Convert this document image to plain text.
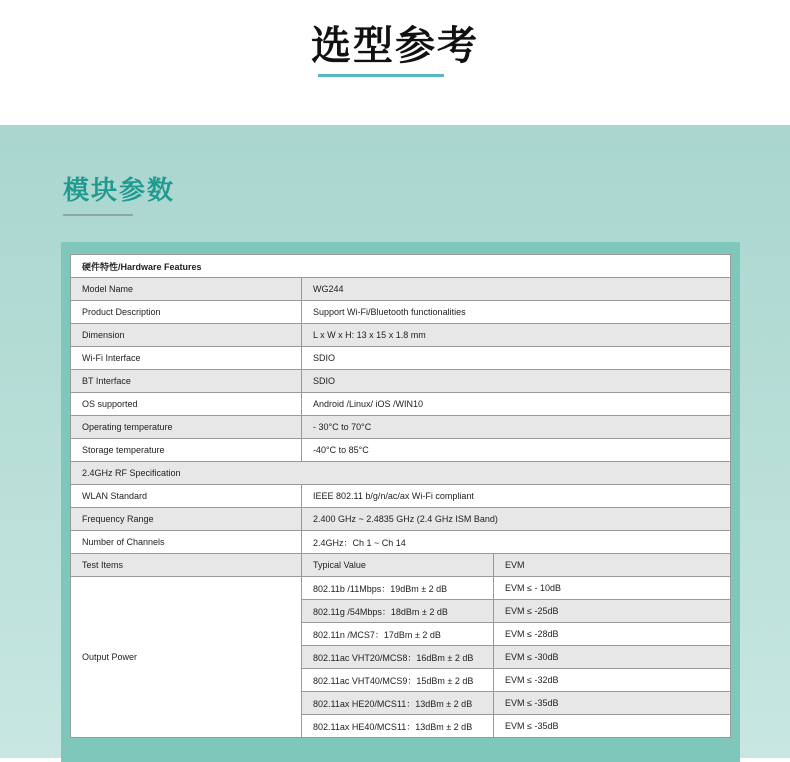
选型参考
模块参数
硬件特性/Hardware Features		
Model Name	WG244	
Product Description	Support Wi-Fi/Bluetooth functionalities	
Dimension	L x W x H: 13 x 15 x 1.8 mm	
Wi-Fi Interface	SDIO	
BT Interface	SDIO	
OS supported	Android /Linux/ iOS /WIN10	
Operating temperature	- 30°C to 70°C	
Storage temperature	-40°C to 85°C	
2.4GHz RF Specification		
WLAN Standard	IEEE 802.11 b/g/n/ac/ax Wi-Fi compliant	
Frequency Range	2.400 GHz ~ 2.4835 GHz (2.4 GHz ISM Band)	
Number of Channels	2.4GHz：Ch 1 ~ Ch 14	
Test Items	Typical Value	EVM
Output Power	802.11b /11Mbps：19dBm ± 2 dB	EVM ≤ - 10dB
	802.11g /54Mbps：18dBm ± 2 dB	EVM ≤ -25dB
	802.11n /MCS7：17dBm ± 2 dB	EVM ≤ -28dB
	802.11ac VHT20/MCS8：16dBm ± 2 dB	EVM ≤ -30dB
	802.11ac VHT40/MCS9：15dBm ± 2 dB	EVM ≤ -32dB
	802.11ax HE20/MCS11：13dBm ± 2 dB	EVM ≤ -35dB
	802.11ax HE40/MCS11：13dBm ± 2 dB	EVM ≤ -35dB
